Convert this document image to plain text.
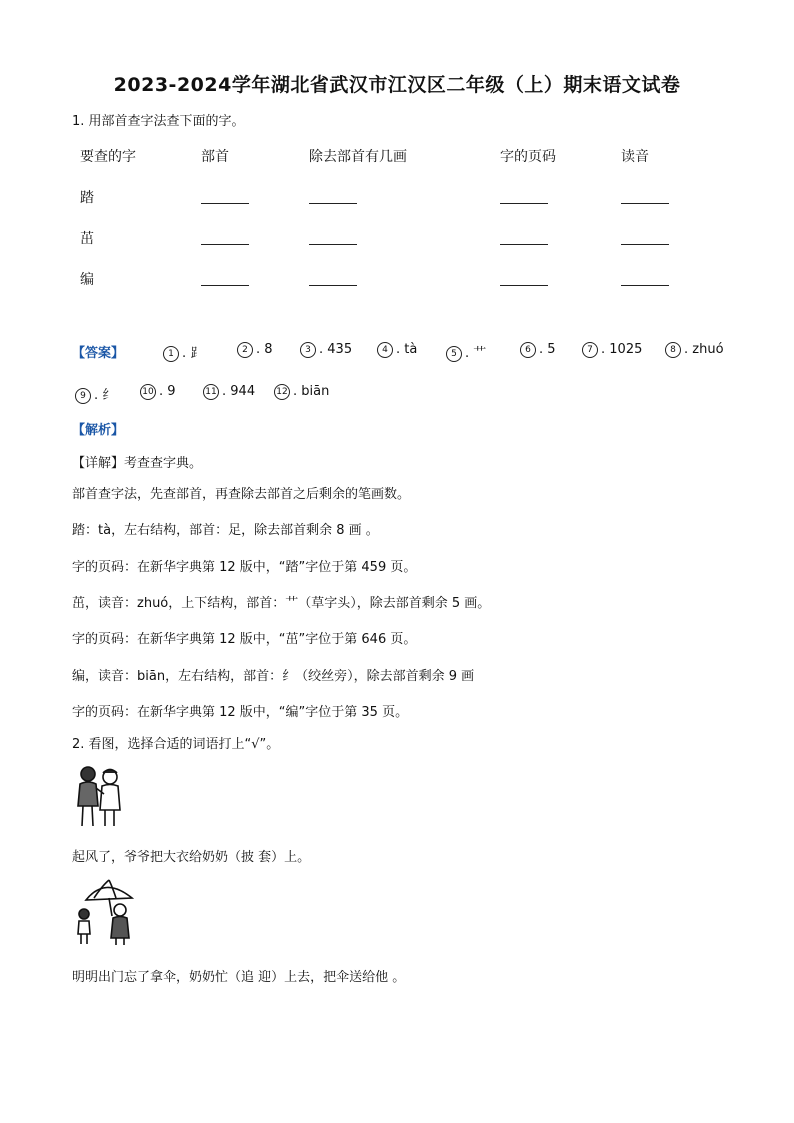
2023-2024学年湖北省武汉市江汉区二年级（上）期末语文试卷
1. 用部首查字法查下面的字。
要查的字	部首	除去部首有几画	字的页码	读音
踏
茁
编
【答案】	1 . ⻊	2 . 8	3 . 435	4 . tà	5 . 艹	6 . 5	7 . 1025	8 . zhuó
9 . 纟	10 . 9	11 . 944 12 . biān
【解析】
【详解】考查查字典。
部首查字法，先查部首，再查除去部首之后剩余的笔画数。
踏：tà，左右结构，部首：足，除去部首剩余 8 画 。
字的页码：在新华字典第 12 版中，“踏”字位于第 459 页。
茁，读音：zhuó，上下结构，部首：艹（草字头），除去部首剩余 5 画。
字的页码：在新华字典第 12 版中，“茁”字位于第 646 页。
编，读音：biān，左右结构，部首：纟（绞丝旁），除去部首剩余 9 画
字的页码：在新华字典第 12 版中，“编”字位于第 35 页。
2. 看图，选择合适的词语打上“√”。
起风了，爷爷把大衣给奶奶（披 套）上。
明明出门忘了拿伞，奶奶忙（追 迎）上去，把伞送给他 。
